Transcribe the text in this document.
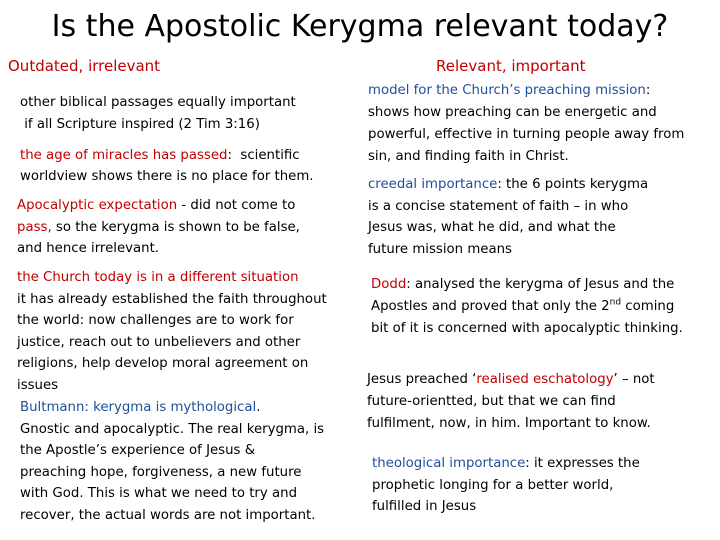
Is the Apostolic Kerygma relevant today?
Outdated, irrelevant	Relevant, important
other biblical passages equally important
if all Scripture inspired (2 Tim 3:16)
the age of miracles has passed:  scientific
worldview shows there is no place for them.
Apocalyptic expectation - did not come to
pass, so the kerygma is shown to be false,
and hence irrelevant.
the Church today is in a different situation
it has already established the faith throughout
the world: now challenges are to work for
justice, reach out to unbelievers and other
religions, help develop moral agreement on
issues
Bultmann: kerygma is mythological.
Gnostic and apocalyptic. The real kerygma, is
the Apostle’s experience of Jesus &
preaching hope, forgiveness, a new future
with God. This is what we need to try and
recover, the actual words are not important.
model for the Church’s preaching mission:
shows how preaching can be energetic and
powerful, effective in turning people away from
sin, and finding faith in Christ.
creedal importance: the 6 points kerygma
is a concise statement of faith – in who
Jesus was, what he did, and what the
future mission means
Dodd: analysed the kerygma of Jesus and the
Apostles and proved that only the 2nd coming
bit of it is concerned with apocalyptic thinking.
Jesus preached ‘realised eschatology’ – not
future-orientted, but that we can find
fulfilment, now, in him. Important to know.
theological importance: it expresses the
prophetic longing for a better world,
fulfilled in Jesus
